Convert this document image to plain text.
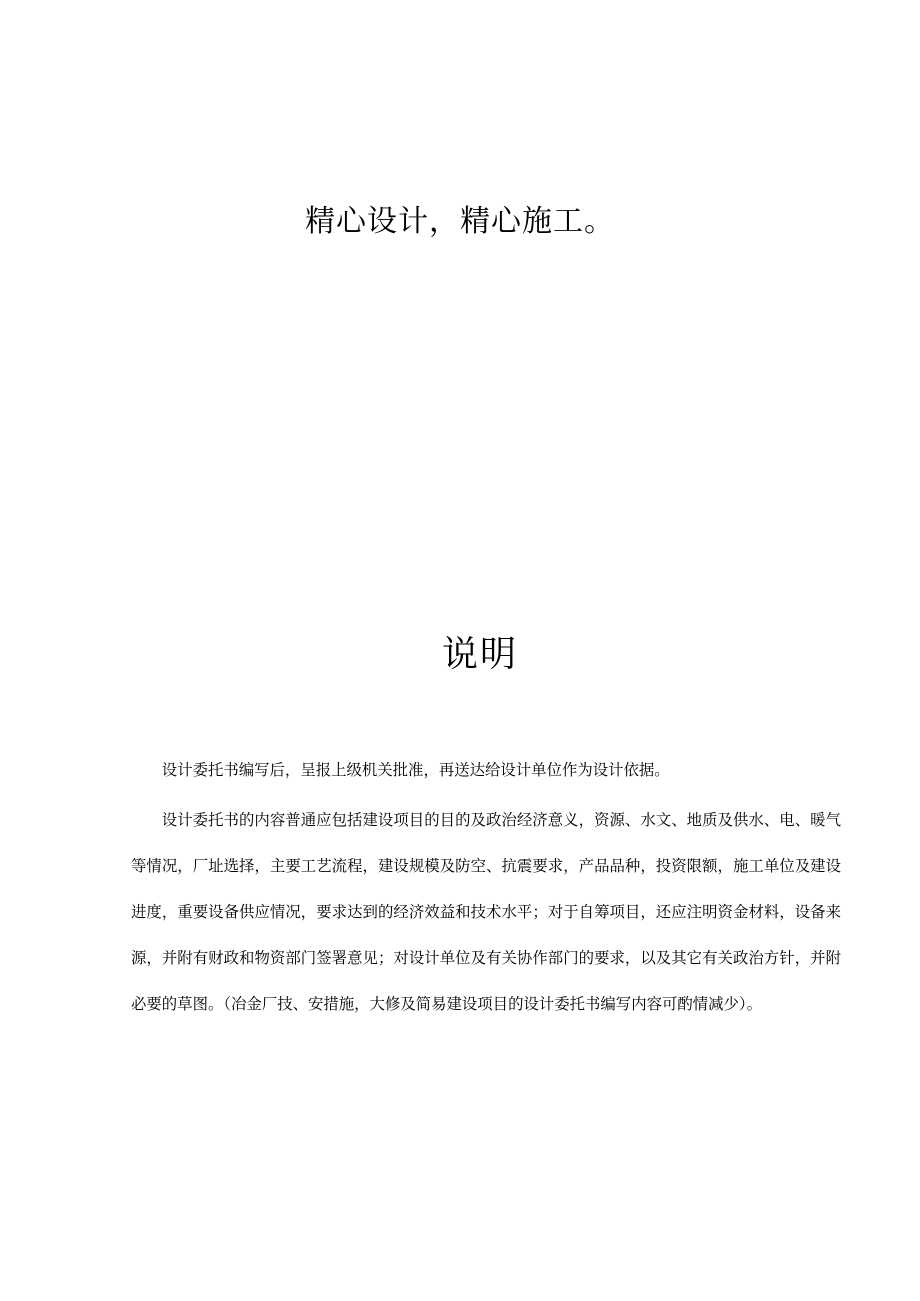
精心设计，精心施工。
说明

设计委托书编写后，呈报上级机关批准，再送达给设计单位作为设计依据。

设计委托书的内容普通应包括建设项目的目的及政治经济意义，资源、水文、地质及供水、电、暖气等情况，厂址选择，主要工艺流程，建设规模及防空、抗震要求，产品品种，投资限额，施工单位及建设进度，重要设备供应情况，要求达到的经济效益和技术水平；对于自筹项目，还应注明资金材料，设备来源，并附有财政和物资部门签署意见；对设计单位及有关协作部门的要求，以及其它有关政治方针，并附必要的草图。（冶金厂技、安措施，大修及简易建设项目的设计委托书编写内容可酌情减少）。
